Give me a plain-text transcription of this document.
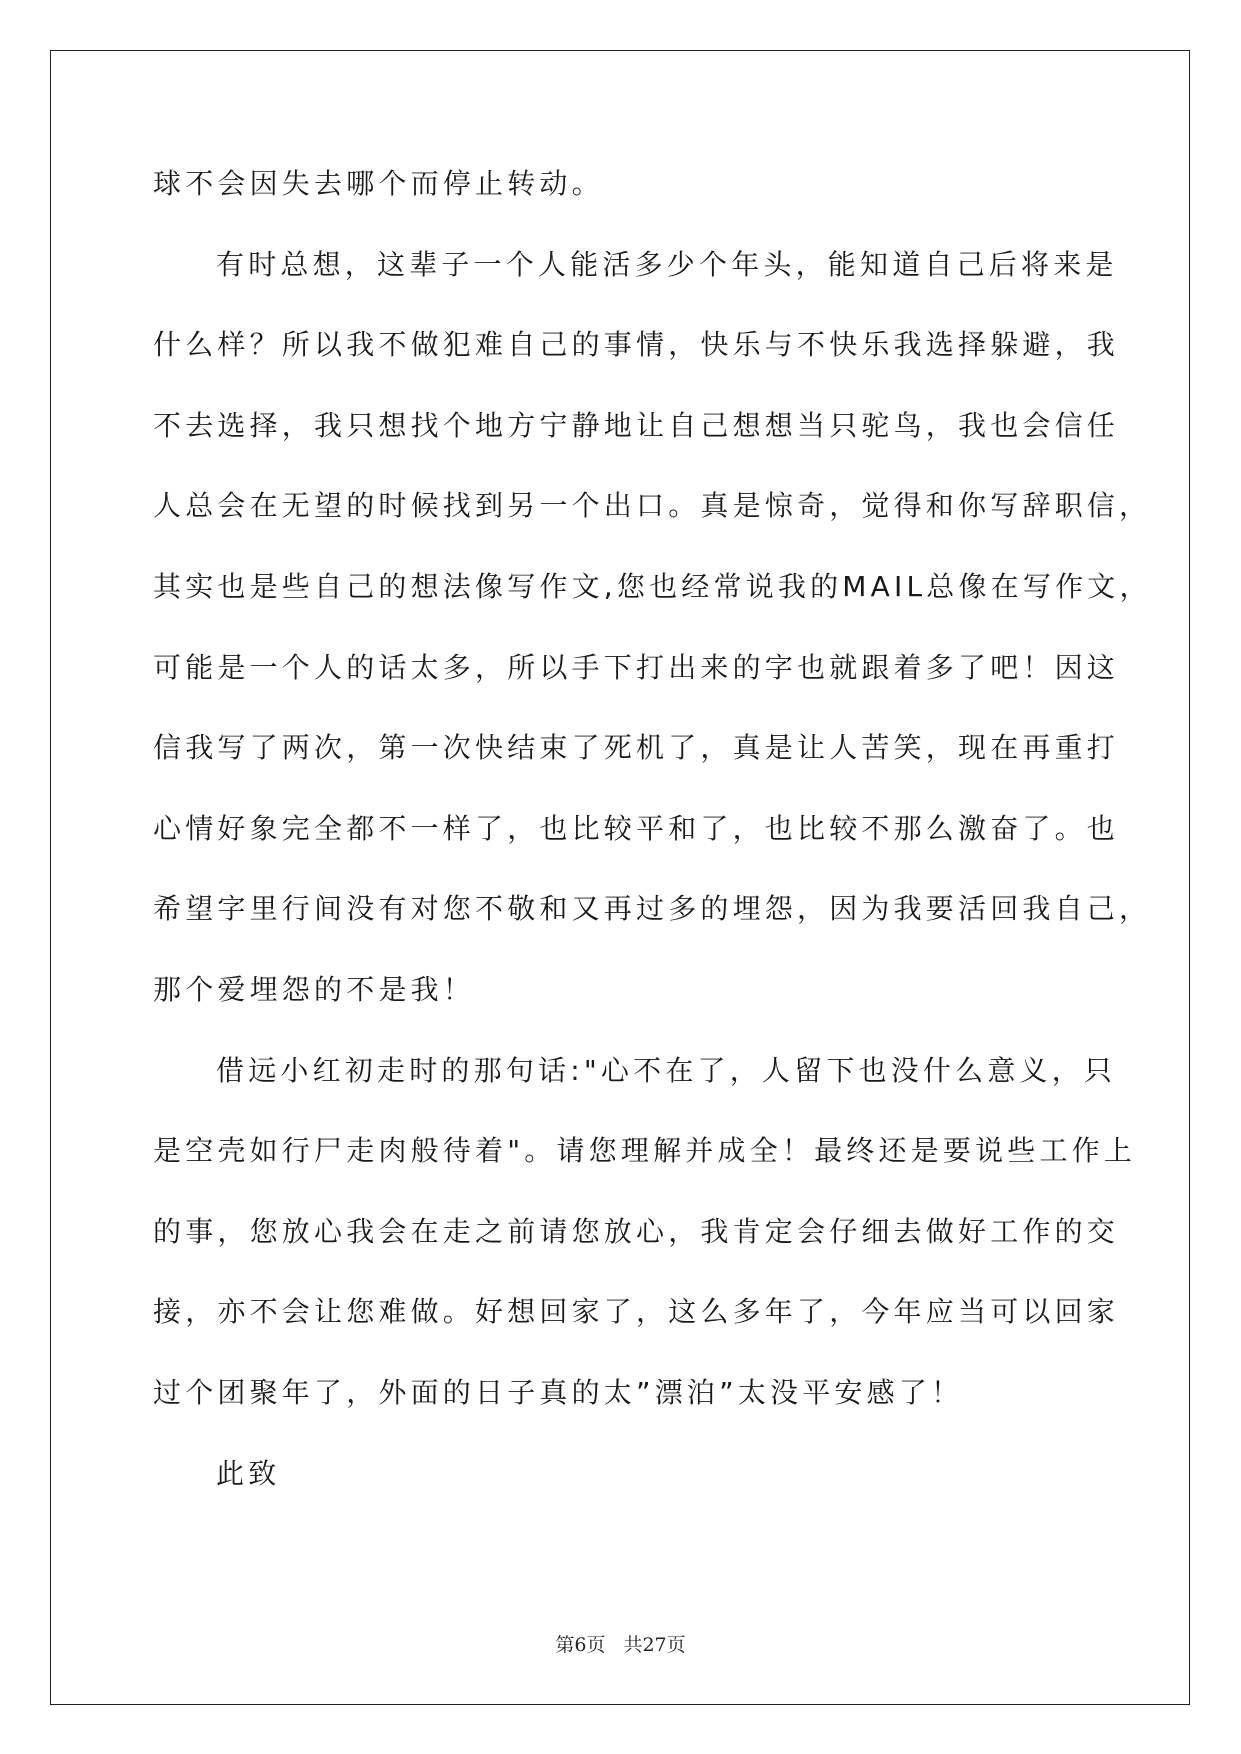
球不会因失去哪个而停止转动。

有时总想，这辈子一个人能活多少个年头，能知道自己后将来是

什么样？所以我不做犯难自己的事情，快乐与不快乐我选择躲避，我

不去选择，我只想找个地方宁静地让自己想想当只驼鸟，我也会信任

人总会在无望的时候找到另一个出口。真是惊奇，觉得和你写辞职信，

其实也是些自己的想法像写作文,您也经常说我的MAIL总像在写作文，

可能是一个人的话太多，所以手下打出来的字也就跟着多了吧！因这

信我写了两次，第一次快结束了死机了，真是让人苦笑，现在再重打

心情好象完全都不一样了，也比较平和了，也比较不那么激奋了。也

希望字里行间没有对您不敬和又再过多的埋怨，因为我要活回我自己，

那个爱埋怨的不是我！

借远小红初走时的那句话:"心不在了，人留下也没什么意义，只

是空壳如行尸走肉般待着"。请您理解并成全！最终还是要说些工作上

的事，您放心我会在走之前请您放心，我肯定会仔细去做好工作的交

接，亦不会让您难做。好想回家了，这么多年了，今年应当可以回家

过个团聚年了，外面的日子真的太”漂泊”太没平安感了！

此致

第6页 共27页
